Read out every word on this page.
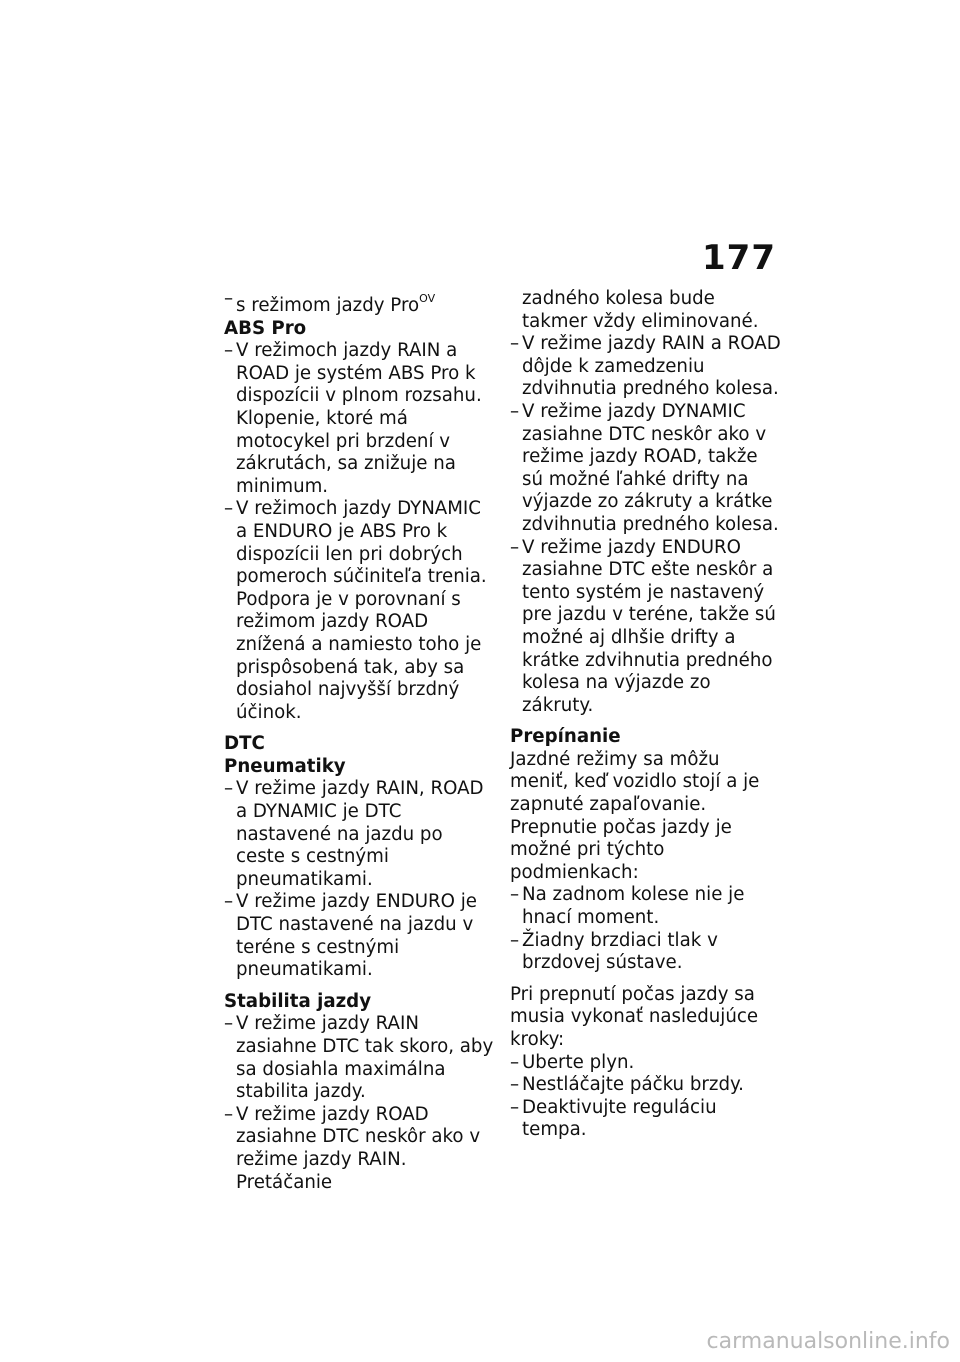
177
– s režimom jazdy Pro$^{OV}$
ABS Pro
– V režimoch jazdy RAIN a ROAD je systém ABS Pro k dispozícii v plnom rozsahu. Klopenie, ktoré má motocykel pri brzdení v zákrutách, sa znižuje na minimum.
– V režimoch jazdy DYNAMIC a ENDURO je ABS Pro k dispozícii len pri dobrých pomeroch súčiniteľa trenia. Podpora je v porovnaní s režimom jazdy ROAD znížená a namiesto toho je prispôsobená tak, aby sa dosiahol najvyšší brzdný účinok.
DTC
Pneumatiky
– V režime jazdy RAIN, ROAD a DYNAMIC je DTC nastavené na jazdu po ceste s cestnými pneumatikami.
– V režime jazdy ENDURO je DTC nastavené na jazdu v teréne s cestnými pneumatikami.
Stabilita jazdy
– V režime jazdy RAIN zasiahne DTC tak skoro, aby sa dosiahla maximálna stabilita jazdy.
– V režime jazdy ROAD zasiahne DTC neskôr ako v režime jazdy RAIN. Pretáčanie
zadného kolesa bude takmer vždy eliminované.
– V režime jazdy RAIN a ROAD dôjde k zamedzeniu zdvihnutia predného kolesa.
– V režime jazdy DYNAMIC zasiahne DTC neskôr ako v režime jazdy ROAD, takže sú možné ľahké drifty na výjazde zo zákruty a krátke zdvihnutia predného kolesa.
– V režime jazdy ENDURO zasiahne DTC ešte neskôr a tento systém je nastavený pre jazdu v teréne, takže sú možné aj dlhšie drifty a krátke zdvihnutia predného kolesa na výjazde zo zákruty.
Prepínanie
Jazdné režimy sa môžu meniť, keď vozidlo stojí a je zapnuté zapaľovanie. Prepnutie počas jazdy je možné pri týchto podmienkach:
– Na zadnom kolese nie je hnací moment.
– Žiadny brzdiaci tlak v brzdovej sústave.
Pri prepnutí počas jazdy sa musia vykonať nasledujúce kroky:
– Uberte plyn.
– Nestláčajte páčku brzdy.
– Deaktivujte reguláciu tempa.
carmanualsonline.info
